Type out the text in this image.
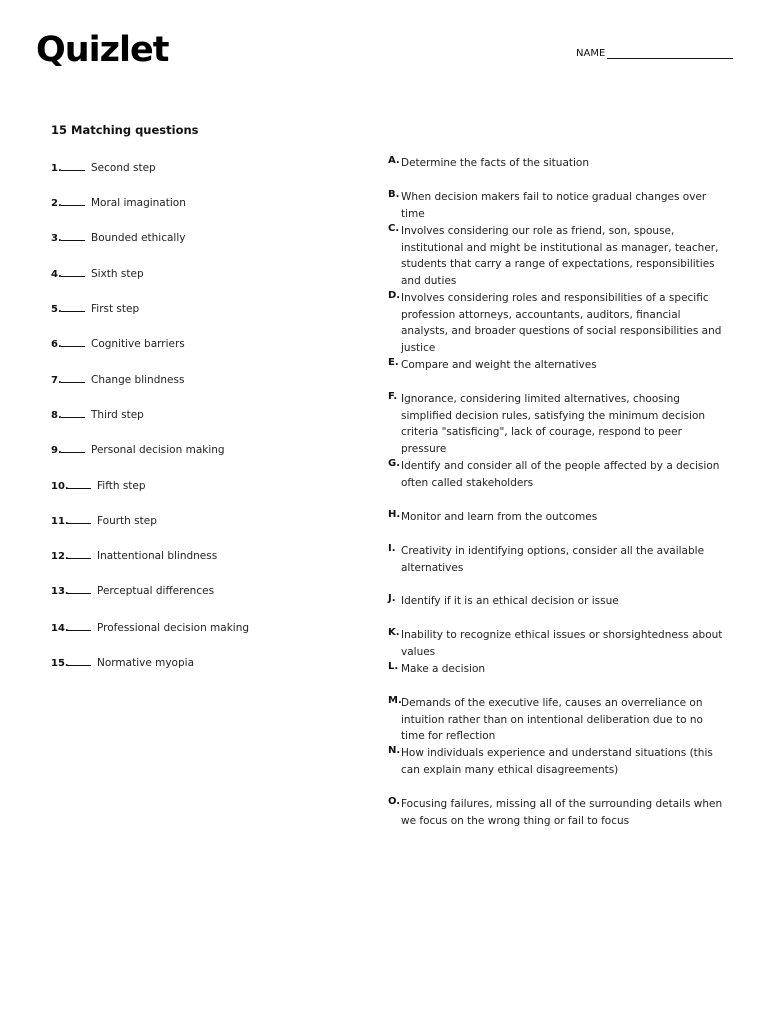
Quizlet	NAME
15 Matching questions
1.	Second step
2.	Moral imagination
3.	Bounded ethically
4.	Sixth step
5.	First step
6.	Cognitive barriers
7.	Change blindness
8.	Third step
9.	Personal decision making
10.	Fifth step
11.	Fourth step
12.	Inattentional blindness
13.	Perceptual differences
14.	Professional decision making
15.	Normative myopia
A. Determine the facts of the situation
B. When decision makers fail to notice gradual changes over time
C. Involves considering our role as friend, son, spouse, institutional and might be institutional as manager, teacher, students that carry a range of expectations, responsibilities and duties
D. Involves considering roles and responsibilities of a specific profession attorneys, accountants, auditors, financial analysts, and broader questions of social responsibilities and justice
E. Compare and weight the alternatives
F. Ignorance, considering limited alternatives, choosing simplified decision rules, satisfying the minimum decision criteria "satisficing", lack of courage, respond to peer pressure
G. Identify and consider all of the people affected by a decision often called stakeholders
H. Monitor and learn from the outcomes
I. Creativity in identifying options, consider all the available alternatives
J. Identify if it is an ethical decision or issue
K. Inability to recognize ethical issues or shorsightedness about values
L. Make a decision
M. Demands of the executive life, causes an overreliance on intuition rather than on intentional deliberation due to no time for reflection
N. How individuals experience and understand situations (this can explain many ethical disagreements)
O. Focusing failures, missing all of the surrounding details when we focus on the wrong thing or fail to focus
